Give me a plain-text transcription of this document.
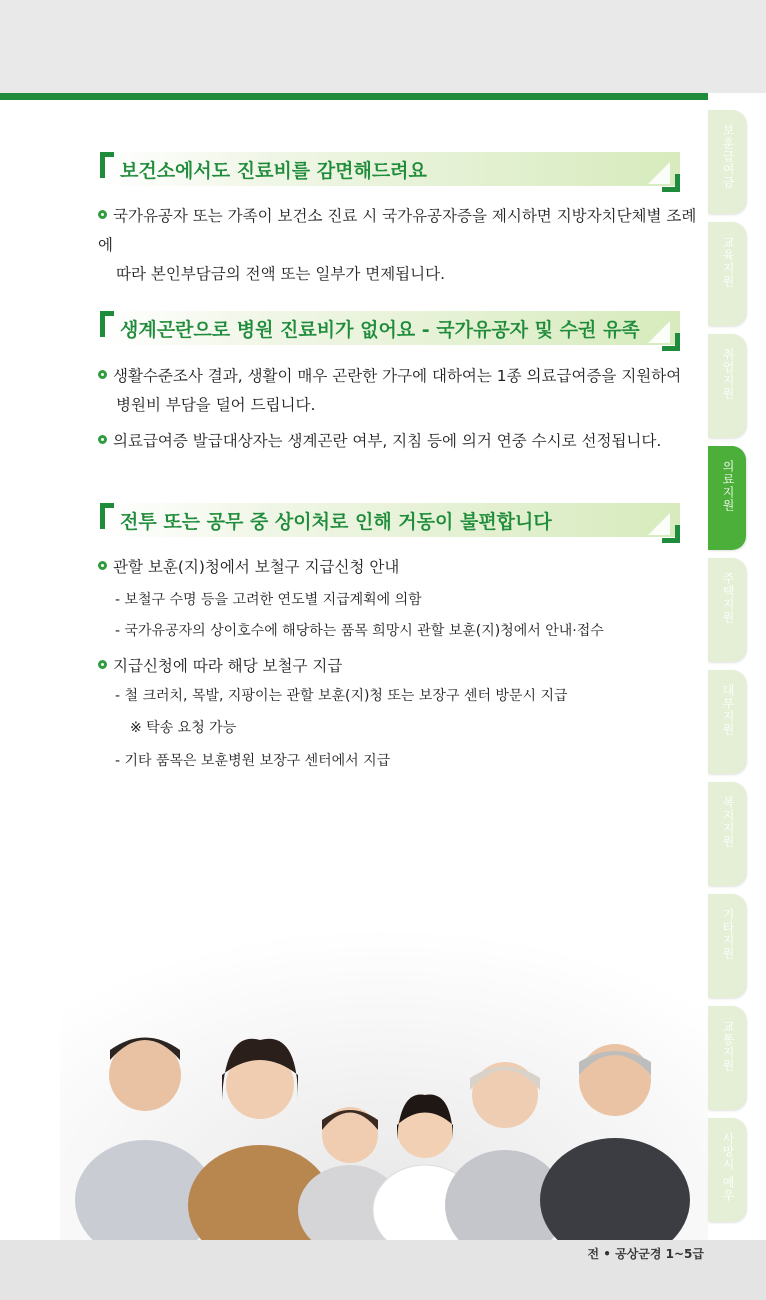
보건소에서도 진료비를 감면해드려요
국가유공자 또는 가족이 보건소 진료 시 국가유공자증을 제시하면 지방자치단체별 조례에
따라 본인부담금의 전액 또는 일부가 면제됩니다.
생계곤란으로 병원 진료비가 없어요 - 국가유공자 및 수권 유족
생활수준조사 결과, 생활이 매우 곤란한 가구에 대하여는 1종 의료급여증을 지원하여
병원비 부담을 덜어 드립니다.
의료급여증 발급대상자는 생계곤란 여부, 지침 등에 의거 연중 수시로 선정됩니다.
전투 또는 공무 중 상이처로 인해 거동이 불편합니다
관할 보훈(지)청에서 보철구 지급신청 안내
- 보철구 수명 등을 고려한 연도별 지급계획에 의함
- 국가유공자의 상이호수에 해당하는 품목 희망시 관할 보훈(지)청에서 안내·접수
지급신청에 따라 해당 보철구 지급
- 철 크러치, 목발, 지팡이는 관할 보훈(지)청 또는 보장구 센터 방문시 지급
※ 탁송 요청 가능
- 기타 품목은 보훈병원 보장구 센터에서 지급
보훈급여금
교육지원
취업지원
의료지원
주택지원
대부지원
복지지원
기타지원
교통지원
사망시 예우
전 • 공상군경 1~5급
